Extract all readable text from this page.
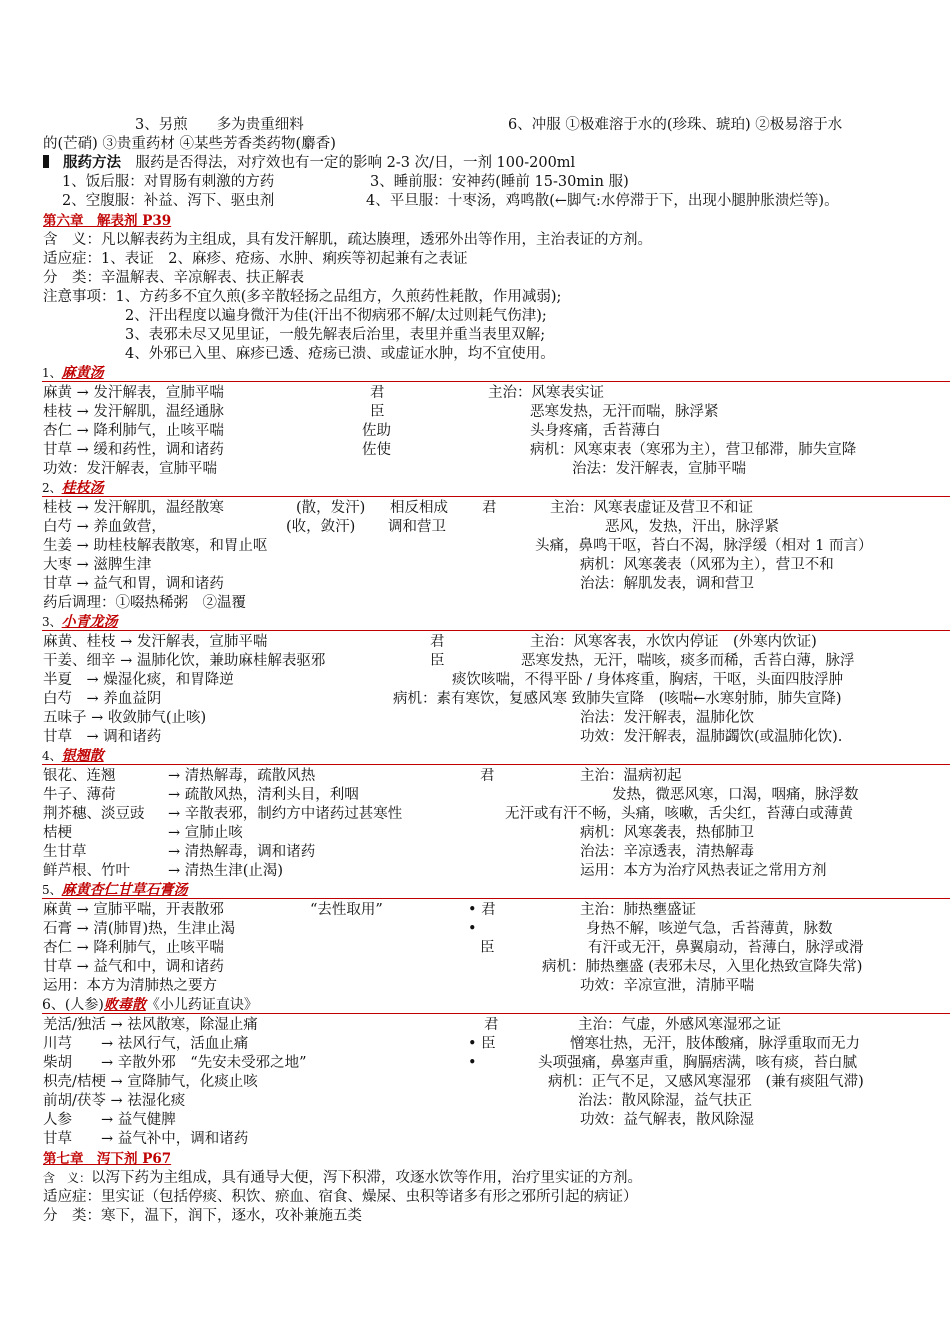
3、另煎　　多为贵重细料	6、冲服 ①极难溶于水的(珍珠、琥珀) ②极易溶于水
的(芒硝) ③贵重药材 ④某些芳香类药物(麝香)
服药方法　 服药是否得法，对疗效也有一定的影响 2-3 次/日，一剂 100-200ml
1、饭后服：对胃肠有刺激的方药	3、睡前服：安神药(睡前 15-30min 服)
2、空腹服：补益、泻下、驱虫剂	4、平旦服：十枣汤，鸡鸣散(←脚气:水停滞于下，出现小腿肿胀溃烂等)。
第六章　解表剂 P39
含　义：凡以解表药为主组成，具有发汗解肌，疏达腠理，透邪外出等作用，主治表证的方剂。
适应症：1、表证　2、麻疹、疮疡、水肿、痢疾等初起兼有之表证
分　类：辛温解表、辛凉解表、扶正解表
注意事项：1、方药多不宜久煎(多辛散轻扬之品组方，久煎药性耗散，作用减弱);
2、汗出程度以遍身微汗为佳(汗出不彻病邪不解/太过则耗气伤津);
3、表邪未尽又见里证，一般先解表后治里，表里并重当表里双解;
4、外邪已入里、麻疹已透、疮疡已溃、或虚证水肿，均不宜使用。
1、麻黄汤
麻黄 → 发汗解表，宣肺平喘	君	主治：风寒表实证
桂枝 → 发汗解肌，温经通脉	臣	恶寒发热，无汗而喘，脉浮紧
杏仁 → 降利肺气，止咳平喘	佐助	头身疼痛，舌苔薄白
甘草 → 缓和药性，调和诸药	佐使	病机：风寒束表（寒邪为主），营卫郁滞，肺失宣降
功效：发汗解表，宣肺平喘	治法：发汗解表，宣肺平喘
2、桂枝汤
桂枝 → 发汗解肌，温经散寒	(散，发汗) 相反相成 君	主治：风寒表虚证及营卫不和证
白芍 → 养血敛营，	(收，敛汗) 调和营卫	恶风，发热，汗出，脉浮紧
生姜 → 助桂枝解表散寒，和胃止呕	头痛，鼻鸣干呕，苔白不渴，脉浮缓（相对 1 而言）
大枣 → 滋脾生津	病机：风寒袭表（风邪为主），营卫不和
甘草 → 益气和胃，调和诸药	治法：解肌发表，调和营卫
药后调理：①啜热稀粥　②温覆
3、小青龙汤
麻黄、桂枝 → 发汗解表，宣肺平喘	君	主治：风寒客表，水饮内停证　(外寒内饮证)
干姜、细辛 → 温肺化饮，兼助麻桂解表驱邪	臣	恶寒发热，无汗，喘咳，痰多而稀，舌苔白薄，脉浮
半夏　→ 燥湿化痰，和胃降逆	痰饮咳喘，不得平卧 / 身体疼重，胸痞，干呕，头面四肢浮肿
白芍　→ 养血益阴	病机：素有寒饮，复感风寒 致肺失宣降　(咳喘←水寒射肺，肺失宣降)
五味子 → 收敛肺气(止咳)	治法：发汗解表，温肺化饮
甘草　→ 调和诸药	功效：发汗解表，温肺蠲饮(或温肺化饮).
4、银翘散
银花、连翘	→ 清热解毒，疏散风热	君	主治：温病初起
牛子、薄荷	→ 疏散风热，清利头目，利咽	发热，微恶风寒，口渴，咽痛，脉浮数
荆芥穗、淡豆豉 → 辛散表邪，制约方中诸药过甚寒性	无汗或有汗不畅，头痛，咳嗽，舌尖红，苔薄白或薄黄
桔梗	→ 宣肺止咳	病机：风寒袭表，热郁肺卫
生甘草	→ 清热解毒，调和诸药	治法：辛凉透表，清热解毒
鲜芦根、竹叶	→ 清热生津(止渴)	运用：本方为治疗风热表证之常用方剂
5、麻黄杏仁甘草石膏汤
麻黄 → 宣肺平喘，开表散邪	“去性取用”	• 君	主治：肺热壅盛证
石膏 → 清(肺胃)热，生津止渴	•	身热不解，咳逆气急，舌苔薄黄，脉数
杏仁 → 降利肺气，止咳平喘	臣	有汗或无汗，鼻翼扇动，苔薄白，脉浮或滑
甘草 → 益气和中，调和诸药	病机：肺热壅盛 (表邪未尽，入里化热致宣降失常)
运用：本方为清肺热之要方	功效：辛凉宣泄，清肺平喘
6、(人参)败毒散《小儿药证直诀》
羌活/独活 → 祛风散寒，除湿止痛	君	主治：气虚，外感风寒湿邪之证
川芎　　→ 祛风行气，活血止痛	• 臣	憎寒壮热，无汗，肢体酸痛，脉浮重取而无力
柴胡　　→ 辛散外邪　“先安未受邪之地”	•	头项强痛，鼻塞声重，胸膈痞满，咳有痰，苔白腻
枳壳/桔梗 → 宣降肺气，化痰止咳	病机：正气不足，又感风寒湿邪　(兼有痰阻气滞)
前胡/茯苓 → 祛湿化痰	治法：散风除湿，益气扶正
人参　　→ 益气健脾	功效：益气解表，散风除湿
甘草　　→ 益气补中，调和诸药
第七章　泻下剂 P67
含　义：以泻下药为主组成，具有通导大便，泻下积滞，攻逐水饮等作用，治疗里实证的方剂。
适应症：里实证（包括停痰、积饮、瘀血、宿食、燥屎、虫积等诸多有形之邪所引起的病证）
分　类：寒下，温下，润下，逐水，攻补兼施五类
